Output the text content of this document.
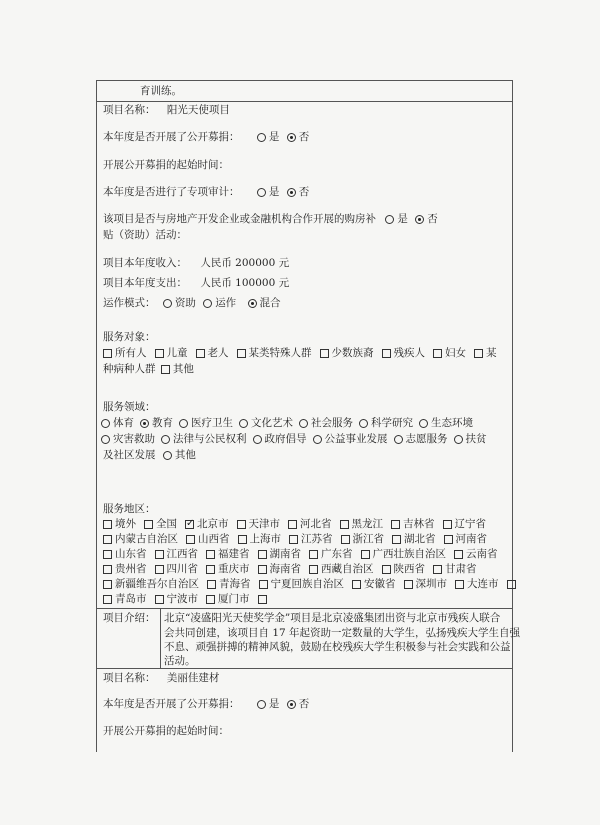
育训练。
项目名称： 阳光天使项目
本年度是否开展了公开募捐：	是 否
开展公开募捐的起始时间：
本年度是否进行了专项审计：	是 否
该项目是否与房地产开发企业或金融机构合作开展的购房补 是 否
贴（资助）活动：
项目本年度收入： 人民币 200000 元
项目本年度支出： 人民币 100000 元
运作模式： 资助 运作 混合
服务对象：
所有人 儿童 老人 某类特殊人群 少数族裔 残疾人 妇女 某
种病种人群 其他
服务领域：
体育 教育 医疗卫生 文化艺术 社会服务 科学研究 生态环境
灾害救助 法律与公民权利 政府倡导 公益事业发展 志愿服务 扶贫
及社区发展 其他
服务地区：
境外 全国✓ 北京市 天津市 河北省 黑龙江 吉林省 辽宁省
内蒙古自治区 山西省 上海市 江苏省 浙江省 湖北省 河南省
山东省 江西省 福建省 湖南省 广东省 广西壮族自治区 云南省
贵州省 四川省 重庆市 海南省 西藏自治区 陕西省 甘肃省
新疆维吾尔自治区 青海省 宁夏回族自治区 安徽省 深圳市 大连市
青岛市 宁波市 厦门市
项目介绍： 北京“凌盛阳光天使奖学金”项目是北京凌盛集团出资与北京市残疾人联合
会共同创建，该项目自 17 年起资助一定数量的大学生，弘扬残疾大学生自强
不息、顽强拼搏的精神风貌，鼓励在校残疾大学生积极参与社会实践和公益
活动。
项目名称： 美丽佳建材
本年度是否开展了公开募捐：	是 否
开展公开募捐的起始时间：
